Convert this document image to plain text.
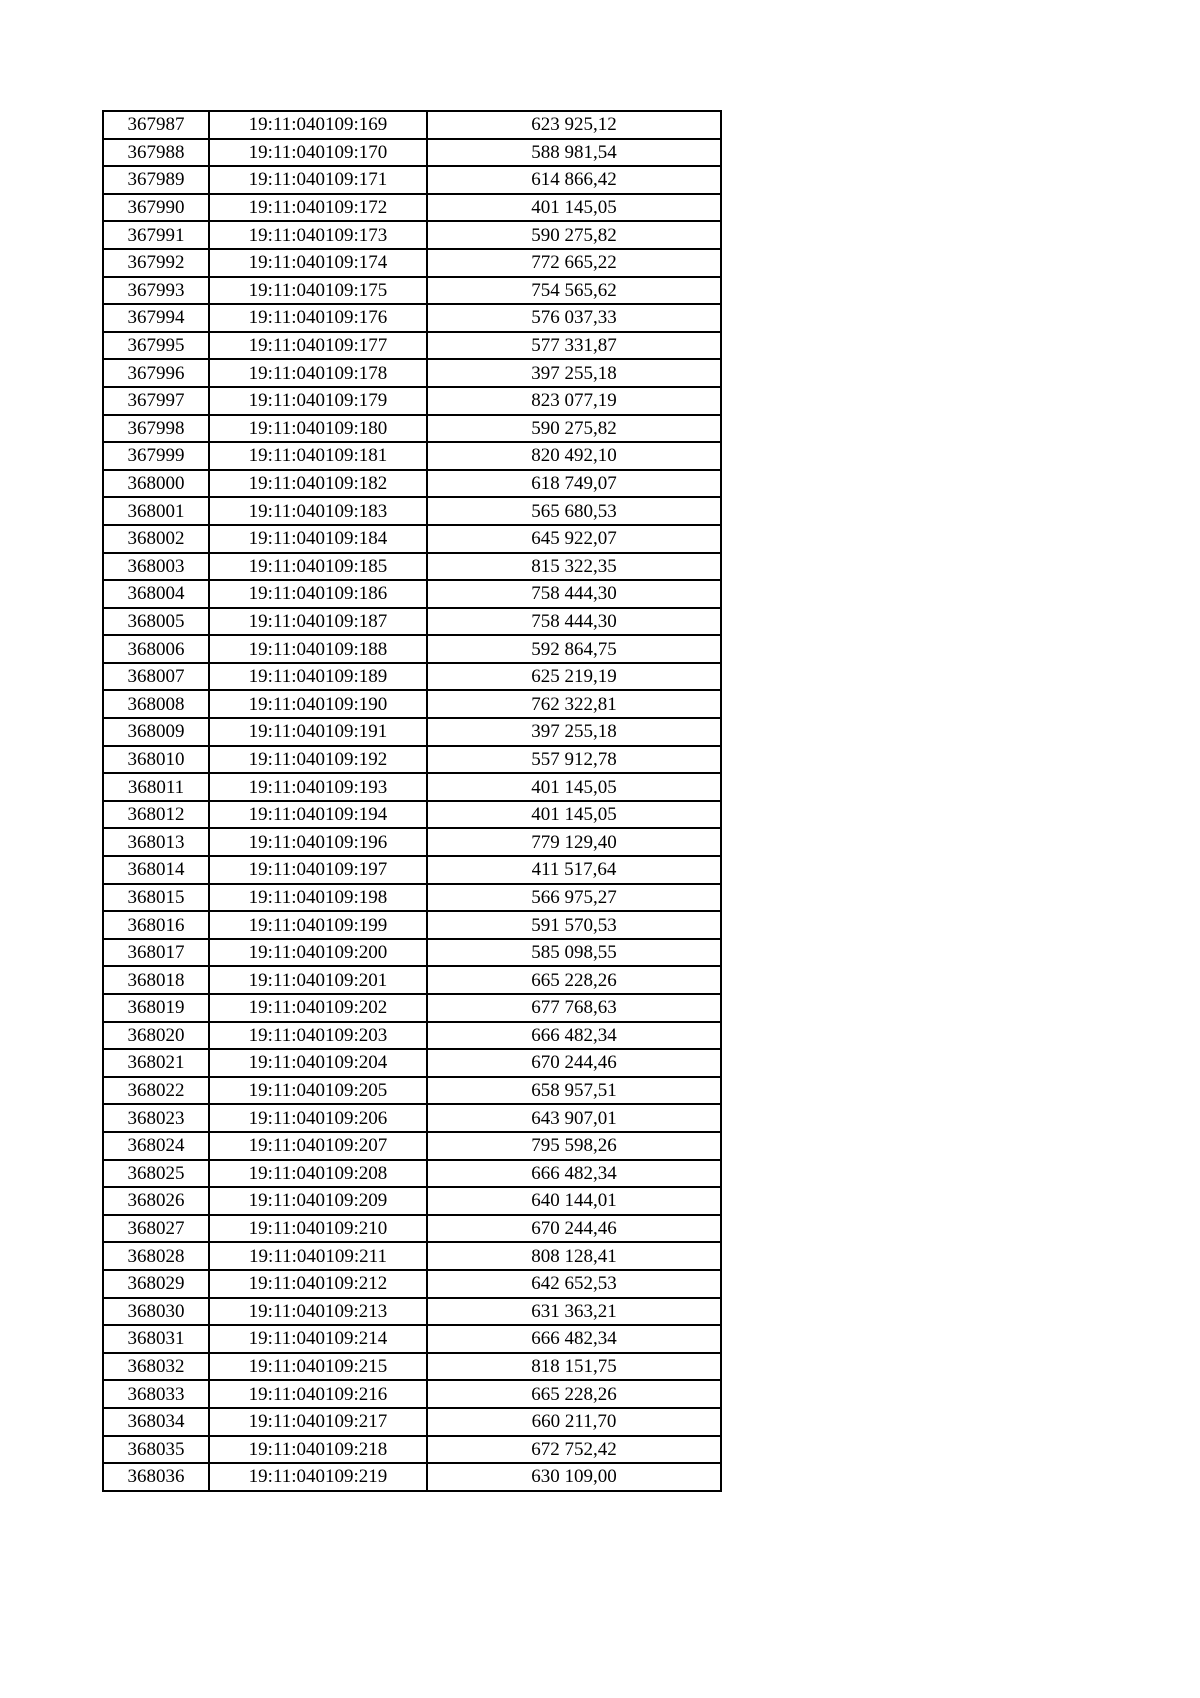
367987	19:11:040109:169	623 925,12
367988	19:11:040109:170	588 981,54
367989	19:11:040109:171	614 866,42
367990	19:11:040109:172	401 145,05
367991	19:11:040109:173	590 275,82
367992	19:11:040109:174	772 665,22
367993	19:11:040109:175	754 565,62
367994	19:11:040109:176	576 037,33
367995	19:11:040109:177	577 331,87
367996	19:11:040109:178	397 255,18
367997	19:11:040109:179	823 077,19
367998	19:11:040109:180	590 275,82
367999	19:11:040109:181	820 492,10
368000	19:11:040109:182	618 749,07
368001	19:11:040109:183	565 680,53
368002	19:11:040109:184	645 922,07
368003	19:11:040109:185	815 322,35
368004	19:11:040109:186	758 444,30
368005	19:11:040109:187	758 444,30
368006	19:11:040109:188	592 864,75
368007	19:11:040109:189	625 219,19
368008	19:11:040109:190	762 322,81
368009	19:11:040109:191	397 255,18
368010	19:11:040109:192	557 912,78
368011	19:11:040109:193	401 145,05
368012	19:11:040109:194	401 145,05
368013	19:11:040109:196	779 129,40
368014	19:11:040109:197	411 517,64
368015	19:11:040109:198	566 975,27
368016	19:11:040109:199	591 570,53
368017	19:11:040109:200	585 098,55
368018	19:11:040109:201	665 228,26
368019	19:11:040109:202	677 768,63
368020	19:11:040109:203	666 482,34
368021	19:11:040109:204	670 244,46
368022	19:11:040109:205	658 957,51
368023	19:11:040109:206	643 907,01
368024	19:11:040109:207	795 598,26
368025	19:11:040109:208	666 482,34
368026	19:11:040109:209	640 144,01
368027	19:11:040109:210	670 244,46
368028	19:11:040109:211	808 128,41
368029	19:11:040109:212	642 652,53
368030	19:11:040109:213	631 363,21
368031	19:11:040109:214	666 482,34
368032	19:11:040109:215	818 151,75
368033	19:11:040109:216	665 228,26
368034	19:11:040109:217	660 211,70
368035	19:11:040109:218	672 752,42
368036	19:11:040109:219	630 109,00
